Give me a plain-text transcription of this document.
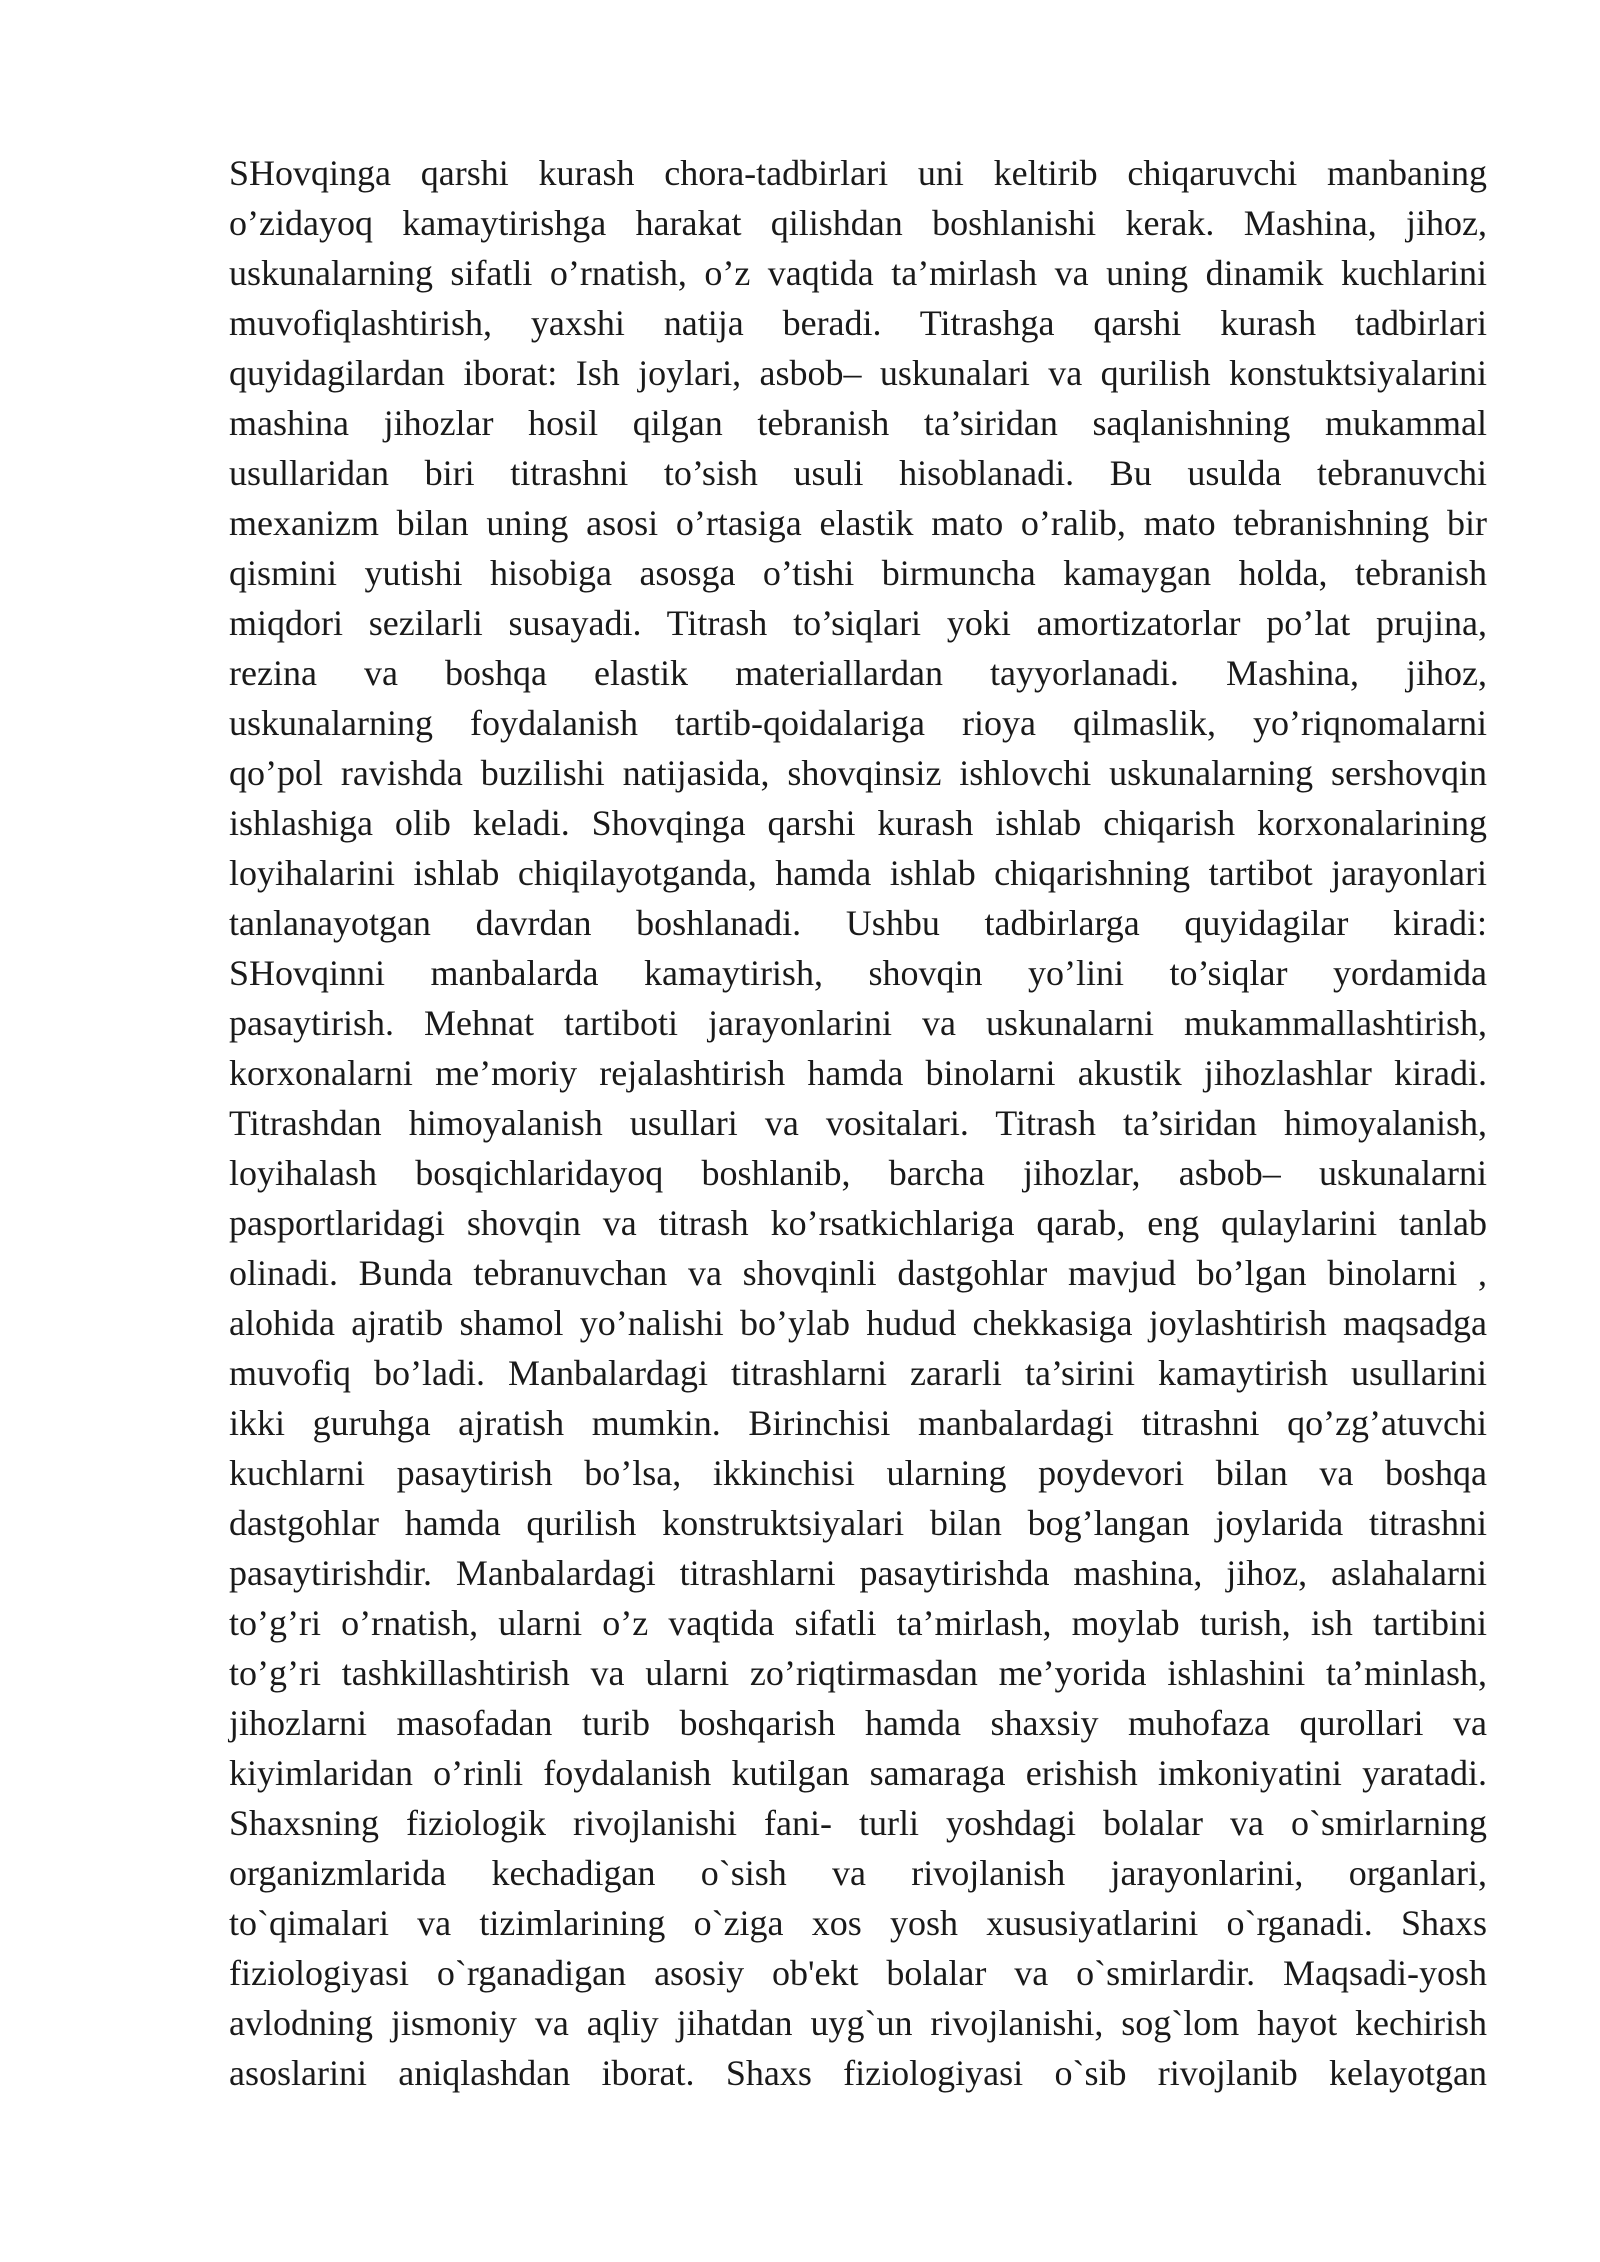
SHovqinga qarshi kurash chora-tadbirlari uni keltirib chiqaruvchi manbaning
o’zidayoq kamaytirishga harakat qilishdan boshlanishi kerak. Mashina, jihoz,
uskunalarning sifatli o’rnatish, o’z vaqtida ta’mirlash va uning dinamik kuchlarini
muvofiqlashtirish, yaxshi natija beradi. Titrashga qarshi kurash tadbirlari
quyidagilardan iborat: Ish joylari, asbob– uskunalari va qurilish konstuktsiyalarini
mashina jihozlar hosil qilgan tebranish ta’siridan saqlanishning mukammal
usullaridan biri titrashni to’sish usuli hisoblanadi. Bu usulda tebranuvchi
mexanizm bilan uning asosi o’rtasiga elastik mato o’ralib, mato tebranishning bir
qismini yutishi hisobiga asosga o’tishi birmuncha kamaygan holda, tebranish
miqdori sezilarli susayadi. Titrash to’siqlari yoki amortizatorlar po’lat prujina,
rezina va boshqa elastik materiallardan tayyorlanadi. Mashina, jihoz,
uskunalarning foydalanish tartib-qoidalariga rioya qilmaslik, yo’riqnomalarni
qo’pol ravishda buzilishi natijasida, shovqinsiz ishlovchi uskunalarning sershovqin
ishlashiga olib keladi. Shovqinga qarshi kurash ishlab chiqarish korxonalarining
loyihalarini ishlab chiqilayotganda, hamda ishlab chiqarishning tartibot jarayonlari
tanlanayotgan davrdan boshlanadi. Ushbu tadbirlarga quyidagilar kiradi:
SHovqinni manbalarda kamaytirish, shovqin yo’lini to’siqlar yordamida
pasaytirish. Mehnat tartiboti jarayonlarini va uskunalarni mukammallashtirish,
korxonalarni me’moriy rejalashtirish hamda binolarni akustik jihozlashlar kiradi.
Titrashdan himoyalanish usullari va vositalari. Titrash ta’siridan himoyalanish,
loyihalash bosqichlaridayoq boshlanib, barcha jihozlar, asbob– uskunalarni
pasportlaridagi shovqin va titrash ko’rsatkichlariga qarab, eng qulaylarini tanlab
olinadi. Bunda tebranuvchan va shovqinli dastgohlar mavjud bo’lgan binolarni ,
alohida ajratib shamol yo’nalishi bo’ylab hudud chekkasiga joylashtirish maqsadga
muvofiq bo’ladi. Manbalardagi titrashlarni zararli ta’sirini kamaytirish usullarini
ikki guruhga ajratish mumkin. Birinchisi manbalardagi titrashni qo’zg’atuvchi
kuchlarni pasaytirish bo’lsa, ikkinchisi ularning poydevori bilan va boshqa
dastgohlar hamda qurilish konstruktsiyalari bilan bog’langan joylarida titrashni
pasaytirishdir. Manbalardagi titrashlarni pasaytirishda mashina, jihoz, aslahalarni
to’g’ri o’rnatish, ularni o’z vaqtida sifatli ta’mirlash, moylab turish, ish tartibini
to’g’ri tashkillashtirish va ularni zo’riqtirmasdan me’yorida ishlashini ta’minlash,
jihozlarni masofadan turib boshqarish hamda shaxsiy muhofaza qurollari va
kiyimlaridan o’rinli foydalanish kutilgan samaraga erishish imkoniyatini yaratadi.
Shaxsning fiziologik rivojlanishi fani- turli yoshdagi bolalar va o`smirlarning
organizmlarida kechadigan o`sish va rivojlanish jarayonlarini, organlari,
to`qimalari va tizimlarining o`ziga xos yosh xususiyatlarini o`rganadi. Shaxs
fiziologiyasi o`rganadigan asosiy ob'ekt bolalar va o`smirlardir. Maqsadi-yosh
avlodning jismoniy va aqliy jihatdan uyg`un rivojlanishi, sog`lom hayot kechirish
asoslarini aniqlashdan iborat. Shaxs fiziologiyasi o`sib rivojlanib kelayotgan
